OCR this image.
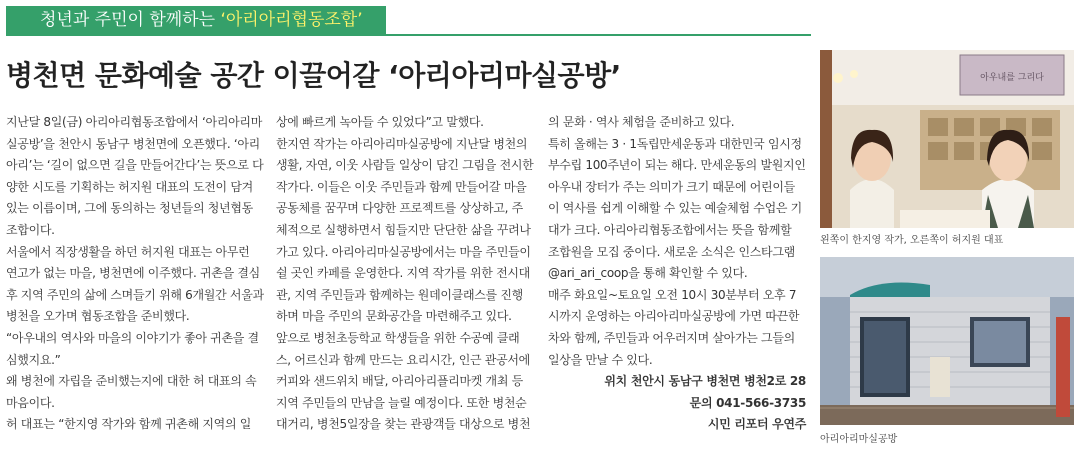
청년과 주민이 함께하는 ‘아리아리협동조합’
병천면 문화예술 공간 이끌어갈 ‘아리아리마실공방’

지난달 8일(금) 아리아리협동조합에서 ‘아리아리마실공방’을 천안시 동남구 병천면에 오픈했다. ‘아리아리’는 ‘길이 없으면 길을 만들어간다’는 뜻으로 다양한 시도를 기획하는 허지원 대표의 도전이 담겨있는 이름이며, 그에 동의하는 청년들의 청년협동조합이다.

서울에서 직장생활을 하던 허지원 대표는 아무런 연고가 없는 마을, 병천면에 이주했다. 귀촌을 결심 후 지역 주민의 삶에 스며들기 위해 6개월간 서울과 병천을 오가며 협동조합을 준비했다.

“아우내의 역사와 마을의 이야기가 좋아 귀촌을 결심했지요.”

왜 병천에 자립을 준비했는지에 대한 허 대표의 속마음이다.

허 대표는 “한지영 작가와 함께 귀촌해 지역의 일

상에 빠르게 녹아들 수 있었다”고 말했다.

한지연 작가는 아리아리마실공방에 지난달 병천의 생활, 자연, 이웃 사람들 일상이 담긴 그림을 전시한 작가다. 이들은 이웃 주민들과 함께 만들어갈 마을 공동체를 꿈꾸며 다양한 프로젝트를 상상하고, 주체적으로 실행하면서 힘들지만 단단한 삶을 꾸려나가고 있다. 아리아리마실공방에서는 마을 주민들이 쉴 곳인 카페를 운영한다. 지역 작가를 위한 전시대관, 지역 주민들과 함께하는 원데이클래스를 진행하며 마을 주민의 문화공간을 마련해주고 있다.

앞으로 병천초등학교 학생들을 위한 수공예 클래스, 어르신과 함께 만드는 요리시간, 인근 관공서에 커피와 샌드위치 배달, 아리아리플리마켓 개최 등 지역 주민들의 만남을 늘릴 예정이다. 또한 병천순대거리, 병천5일장을 찾는 관광객들 대상으로 병천

의 문화 · 역사 체험을 준비하고 있다.

특히 올해는 3 · 1독립만세운동과 대한민국 임시정부수립 100주년이 되는 해다. 만세운동의 발원지인 아우내 장터가 주는 의미가 크기 때문에 어린이들이 역사를 쉽게 이해할 수 있는 예술체험 수업은 기대가 크다. 아리아리협동조합에서는 뜻을 함께할 조합원을 모집 중이다. 새로운 소식은 인스타그램 @ari_ari_coop을 통해 확인할 수 있다.

매주 화요일~토요일 오전 10시 30분부터 오후 7시까지 운영하는 아리아리마실공방에 가면 따끈한 차와 함께, 주민들과 어우러지며 살아가는 그들의 일상을 만날 수 있다.

위치 천안시 동남구 병천면 병천2로 28

문의 041-566-3735

시민 리포터 우연주

아우내를 그리다
왼쪽이 한지영 작가, 오른쪽이 허지원 대표
아리아리마실공방
